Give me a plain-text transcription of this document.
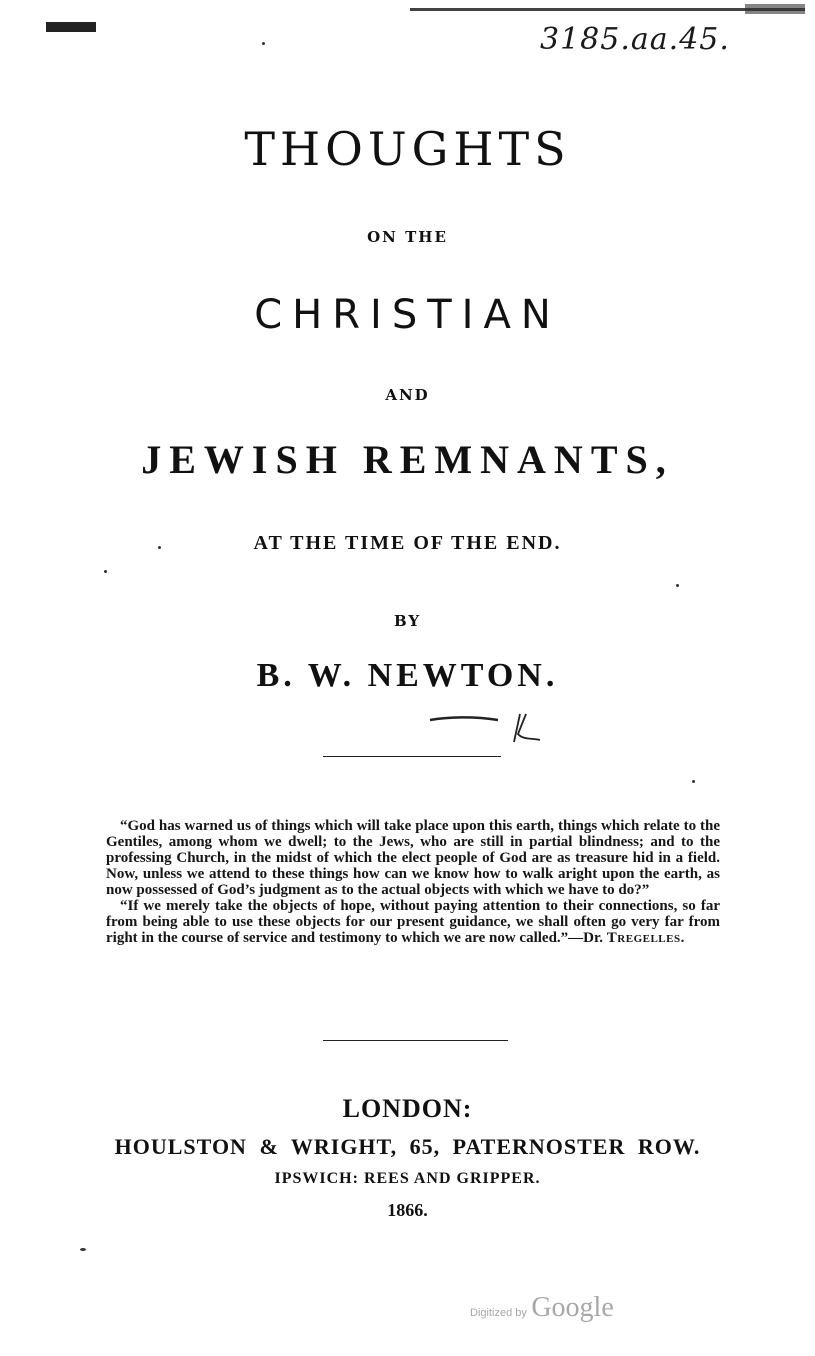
3185.aa.45.
THOUGHTS
ON THE
CHRISTIAN
AND
JEWISH REMNANTS,
AT THE TIME OF THE END.
BY
B. W. NEWTON.

“God has warned us of things which will take place upon this earth, things which relate to the Gentiles, among whom we dwell; to the Jews, who are still in partial blindness; and to the professing Church, in the midst of which the elect people of God are as treasure hid in a field. Now, unless we attend to these things how can we know how to walk aright upon the earth, as now possessed of God’s judgment as to the actual objects with which we have to do?”

“If we merely take the objects of hope, without paying attention to their connections, so far from being able to use these objects for our present guidance, we shall often go very far from right in the course of service and testimony to which we are now called.”—Dr. Tregelles.

LONDON:
HOULSTON & WRIGHT, 65, PATERNOSTER ROW.
IPSWICH: REES AND GRIPPER.
1866.
Digitized by Google
